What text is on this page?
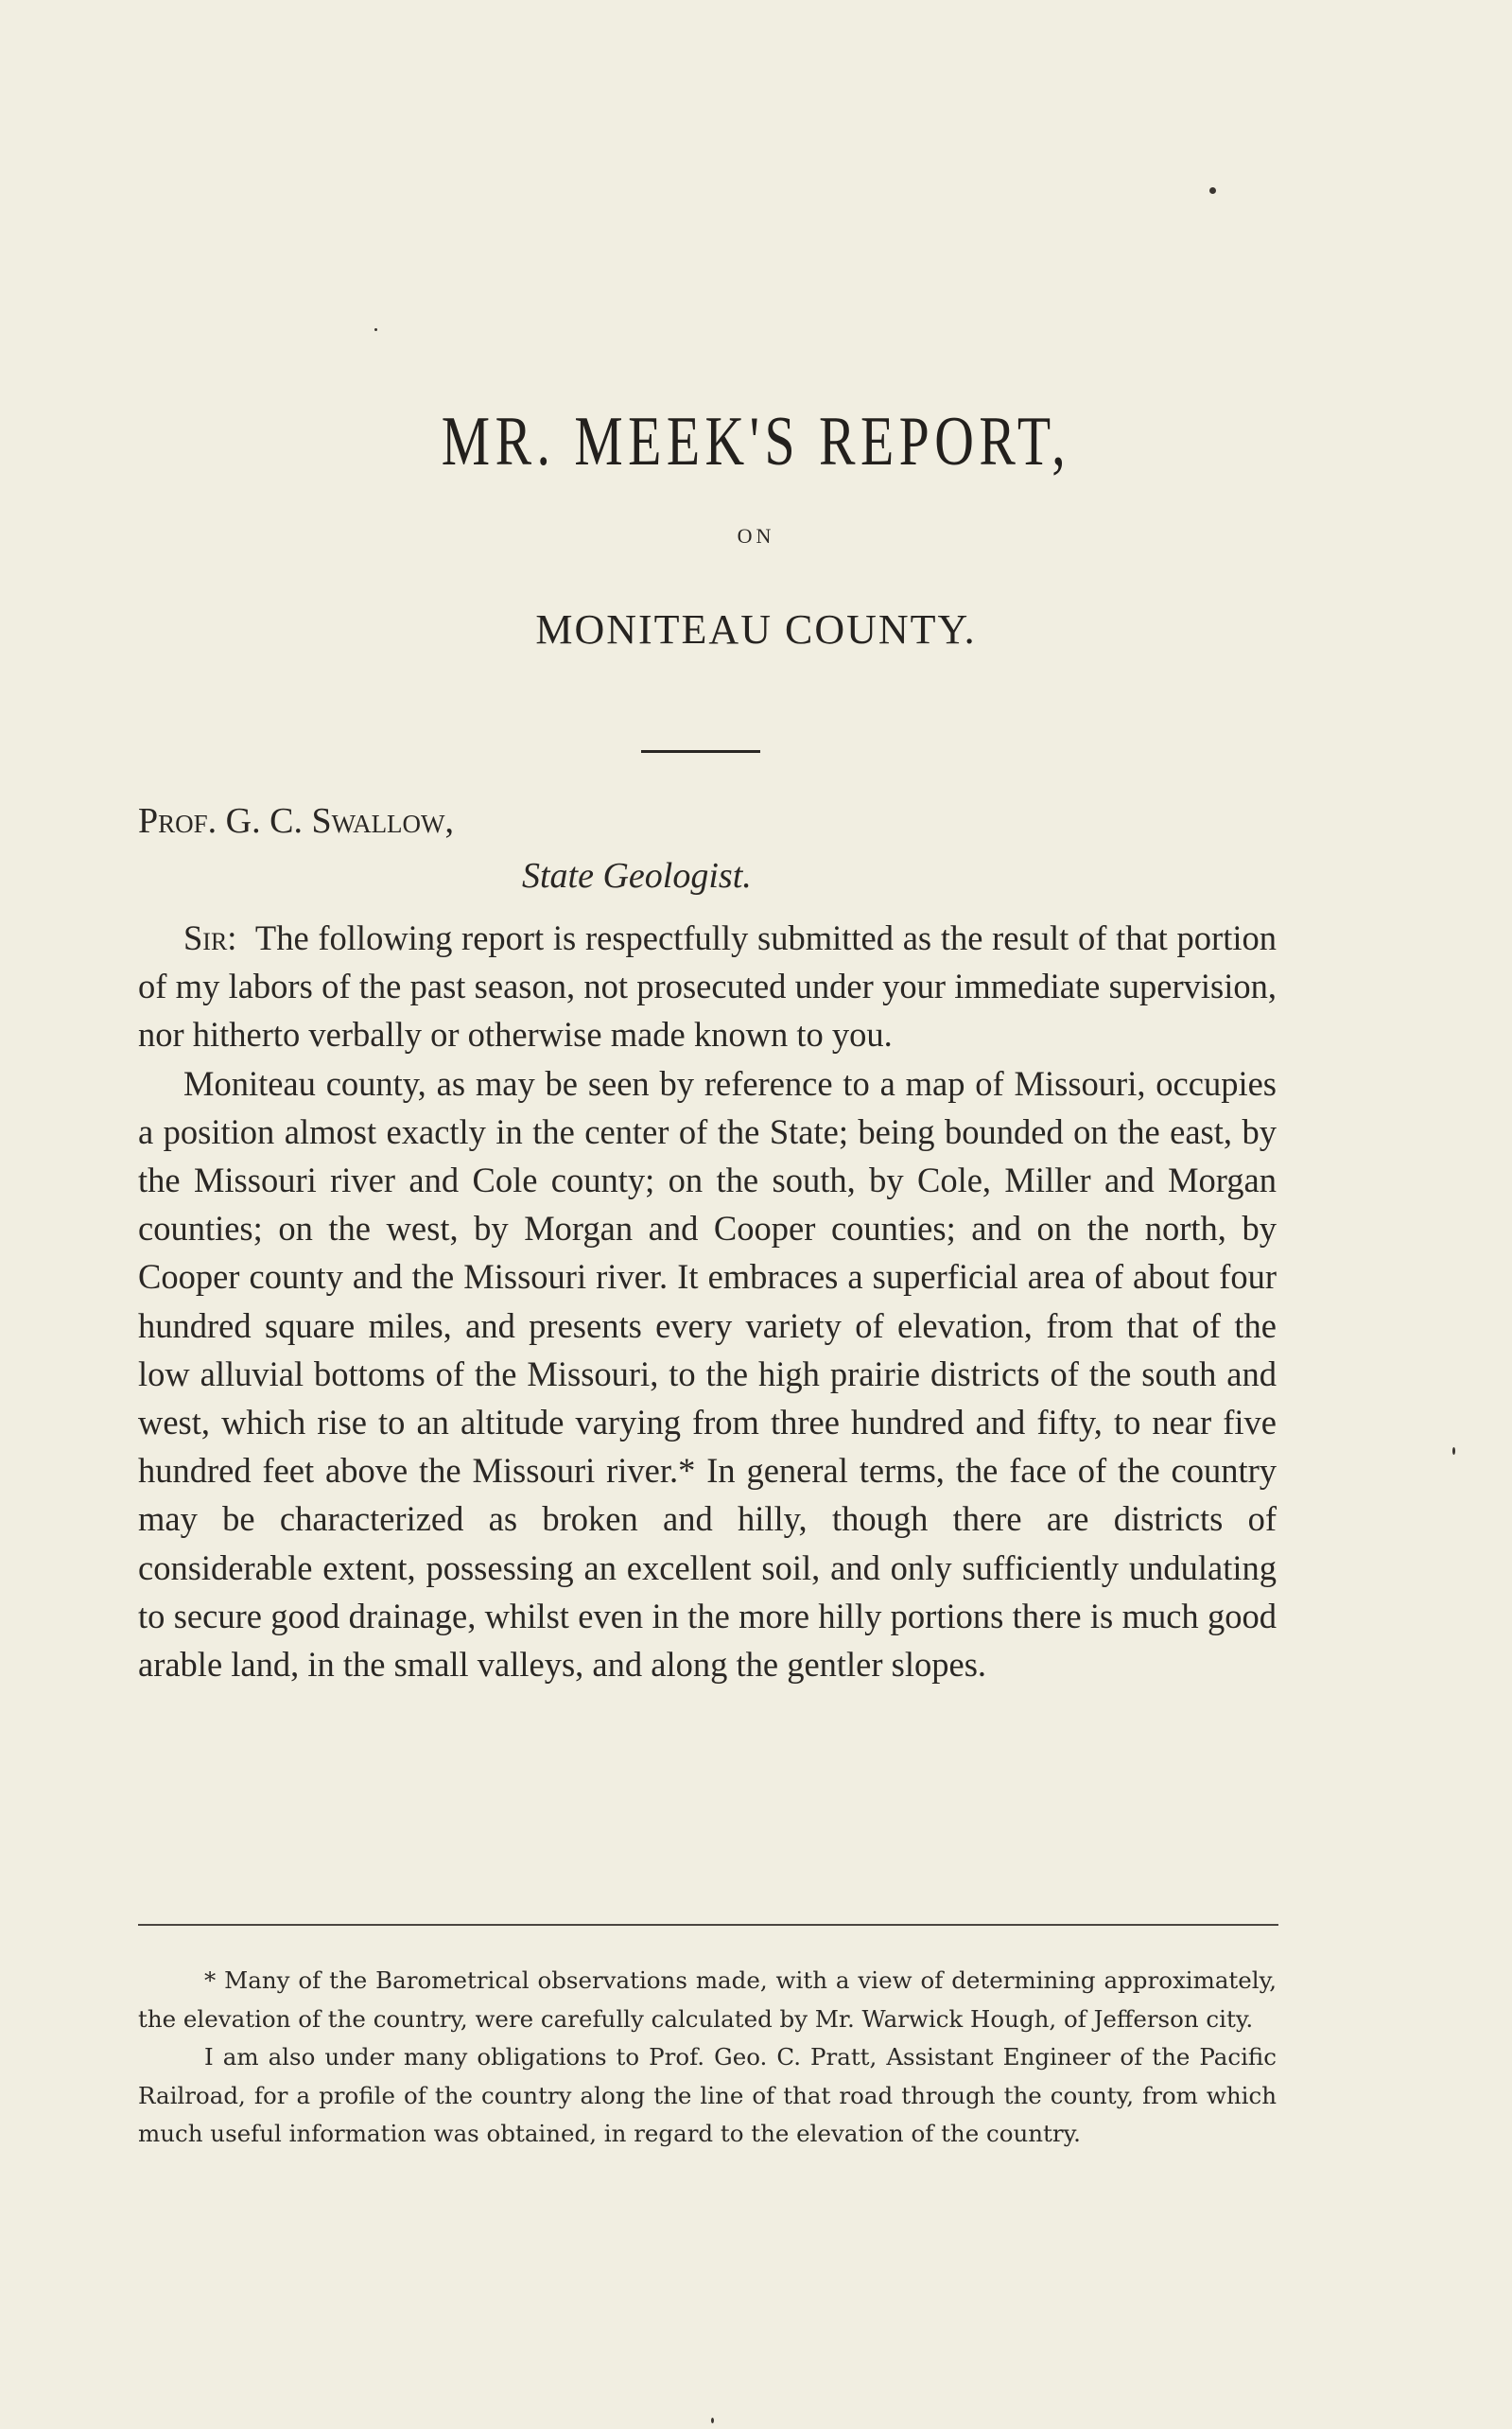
MR. MEEK'S REPORT,
ON
MONITEAU COUNTY.
Prof. G. C. Swallow,
State Geologist.

Sir: The following report is respectfully submitted as the result of that portion of my labors of the past season, not prosecuted under your immediate supervision, nor hitherto verbally or otherwise made known to you.

Moniteau county, as may be seen by reference to a map of Missouri, occupies a position almost exactly in the center of the State; being bounded on the east, by the Missouri river and Cole county; on the south, by Cole, Miller and Morgan counties; on the west, by Morgan and Cooper counties; and on the north, by Cooper county and the Missouri river. It embraces a superficial area of about four hundred square miles, and presents every variety of elevation, from that of the low alluvial bottoms of the Missouri, to the high prairie districts of the south and west, which rise to an altitude varying from three hundred and fifty, to near five hundred feet above the Missouri river.* In general terms, the face of the country may be characterized as broken and hilly, though there are districts of considerable extent, possessing an excellent soil, and only sufficiently undulating to secure good drainage, whilst even in the more hilly portions there is much good arable land, in the small valleys, and along the gentler slopes.

* Many of the Barometrical observations made, with a view of determining approximately, the elevation of the country, were carefully calculated by Mr. Warwick Hough, of Jefferson city.

I am also under many obligations to Prof. Geo. C. Pratt, Assistant Engineer of the Pacific Railroad, for a profile of the country along the line of that road through the county, from which much useful information was obtained, in regard to the elevation of the country.
